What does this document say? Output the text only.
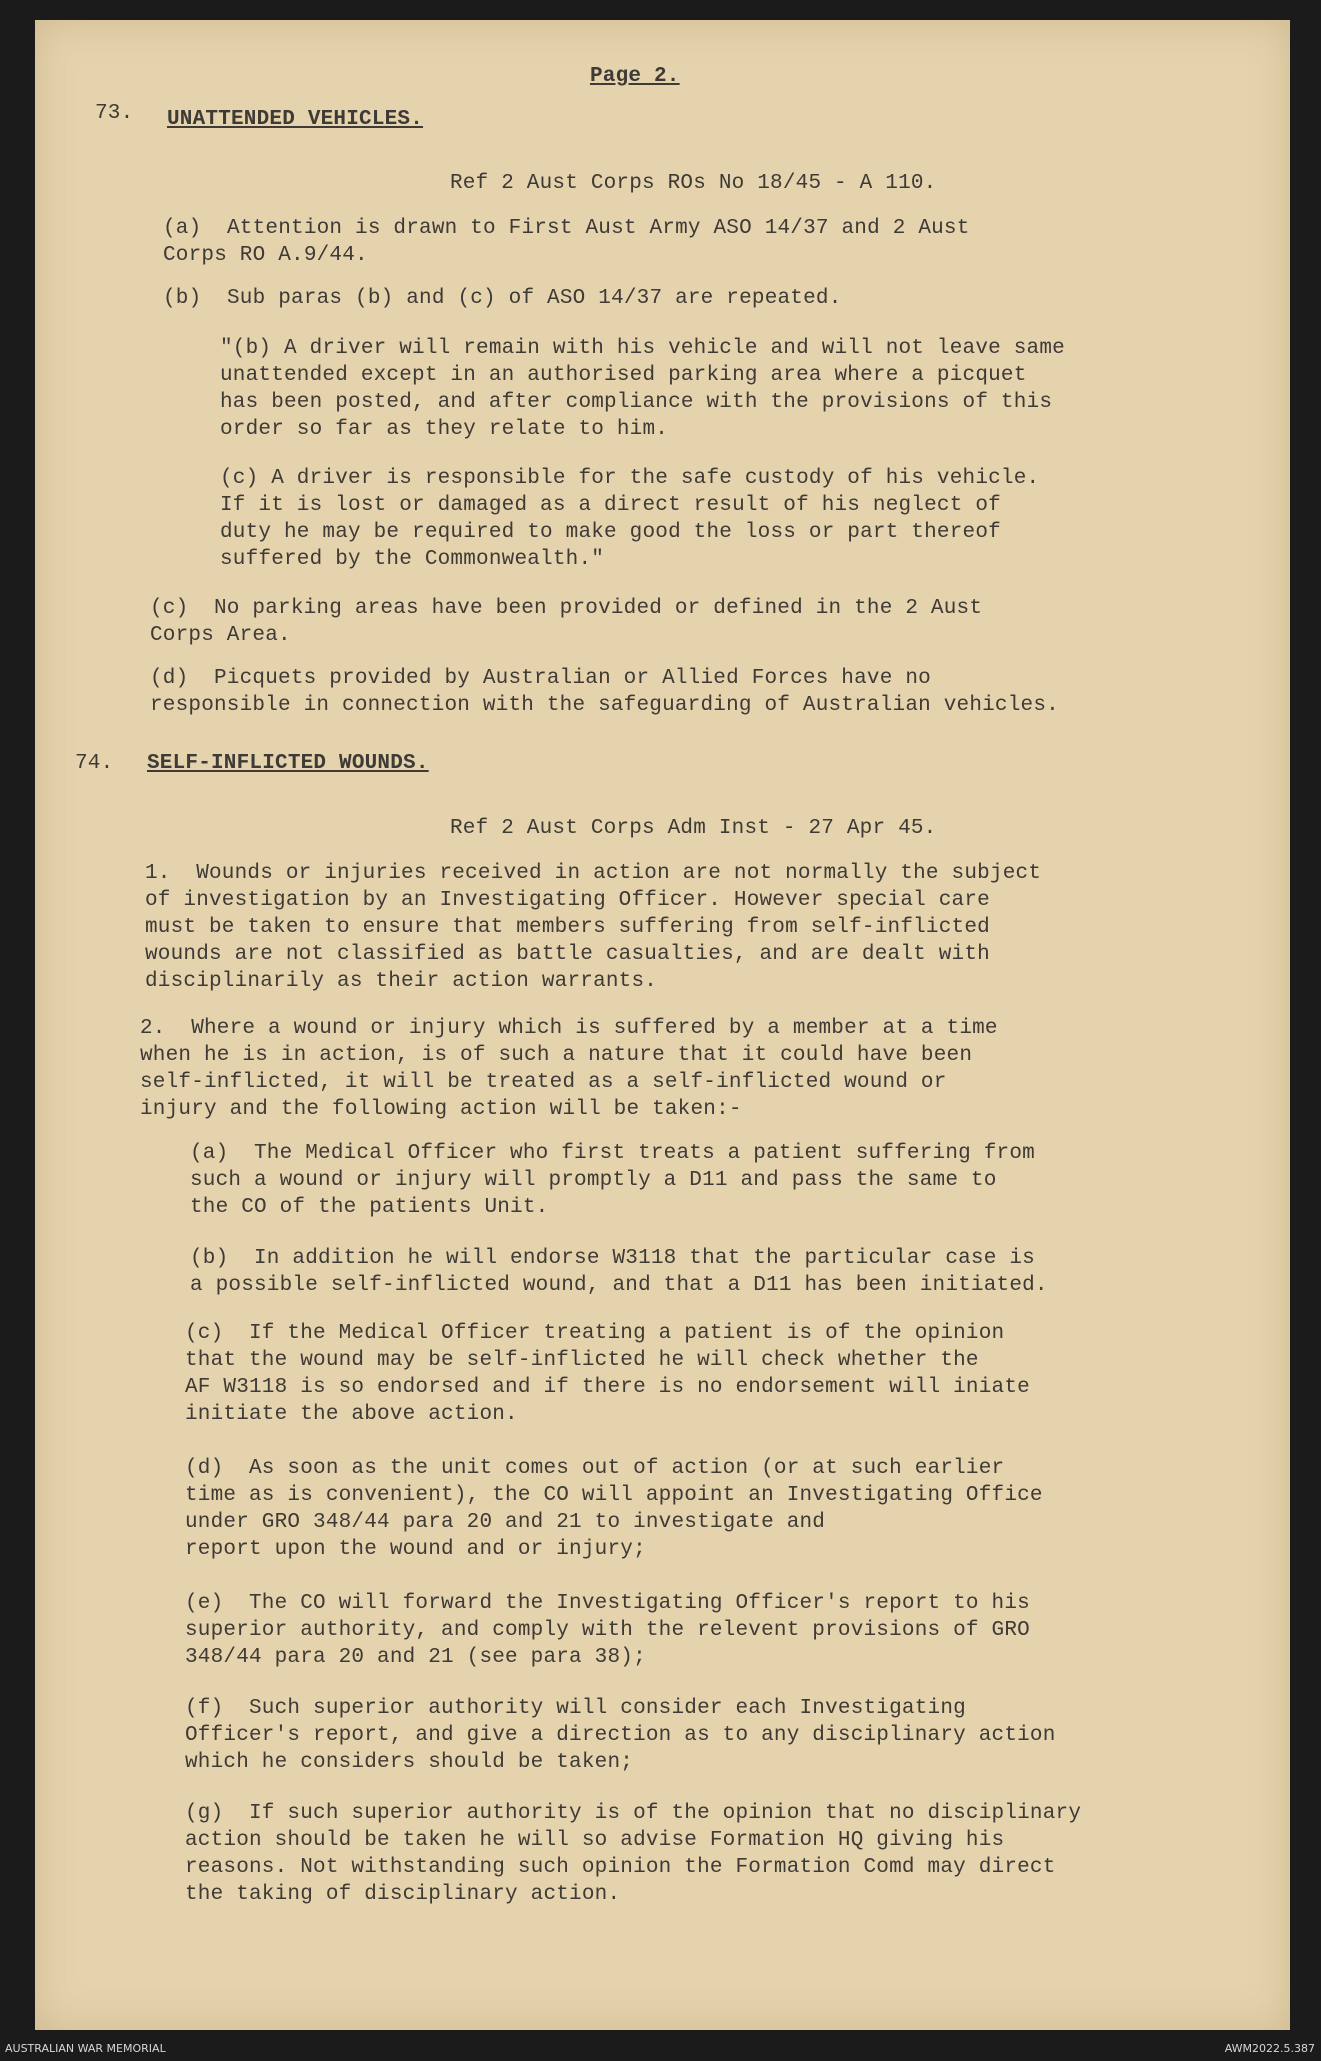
Page 2.
73. UNATTENDED VEHICLES.
Ref 2 Aust Corps ROs No 18/45 - A 110.
(a)  Attention is drawn to First Aust Army ASO 14/37 and 2 Aust
Corps RO A.9/44.
(b)  Sub paras (b) and (c) of ASO 14/37 are repeated.
"(b) A driver will remain with his vehicle and will not leave same
unattended except in an authorised parking area where a picquet
has been posted, and after compliance with the provisions of this
order so far as they relate to him.
(c) A driver is responsible for the safe custody of his vehicle.
If it is lost or damaged as a direct result of his neglect of
duty he may be required to make good the loss or part thereof
suffered by the Commonwealth."
(c)  No parking areas have been provided or defined in the 2 Aust
Corps Area.
(d)  Picquets provided by Australian or Allied Forces have no
responsible in connection with the safeguarding of Australian vehicles.
74. SELF-INFLICTED WOUNDS.
Ref 2 Aust Corps Adm Inst - 27 Apr 45.
1.  Wounds or injuries received in action are not normally the subject
of investigation by an Investigating Officer. However special care
must be taken to ensure that members suffering from self-inflicted
wounds are not classified as battle casualties, and are dealt with
disciplinarily as their action warrants.
2.  Where a wound or injury which is suffered by a member at a time
when he is in action, is of such a nature that it could have been
self-inflicted, it will be treated as a self-inflicted wound or
injury and the following action will be taken:-
(a)  The Medical Officer who first treats a patient suffering from
such a wound or injury will promptly a D11 and pass the same to
the CO of the patients Unit.
(b)  In addition he will endorse W3118 that the particular case is
a possible self-inflicted wound, and that a D11 has been initiated.
(c)  If the Medical Officer treating a patient is of the opinion
that the wound may be self-inflicted he will check whether the
AF W3118 is so endorsed and if there is no endorsement will iniate
initiate the above action.
(d)  As soon as the unit comes out of action (or at such earlier
time as is convenient), the CO will appoint an Investigating Office
under GRO 348/44 para 20 and 21 to investigate and
report upon the wound and or injury;
(e)  The CO will forward the Investigating Officer's report to his
superior authority, and comply with the relevent provisions of GRO
348/44 para 20 and 21 (see para 38);
(f)  Such superior authority will consider each Investigating
Officer's report, and give a direction as to any disciplinary action
which he considers should be taken;
(g)  If such superior authority is of the opinion that no disciplinary
action should be taken he will so advise Formation HQ giving his
reasons. Not withstanding such opinion the Formation Comd may direct
the taking of disciplinary action.
AUSTRALIAN WAR MEMORIAL	AWM2022.5.387
